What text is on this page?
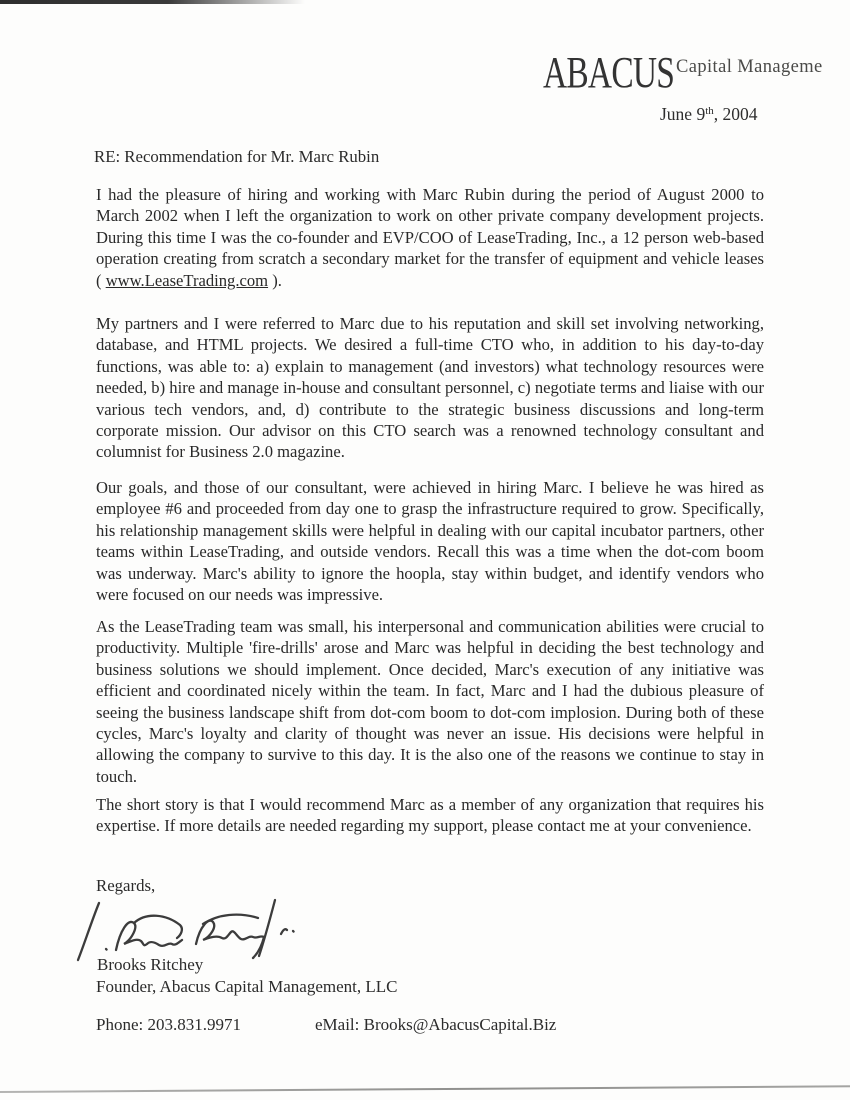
ABACUS Capital Manageme
June 9th, 2004
RE: Recommendation for Mr. Marc Rubin
I had the pleasure of hiring and working with Marc Rubin during the period of August 2000 to March 2002 when I left the organization to work on other private company development projects. During this time I was the co-founder and EVP/COO of LeaseTrading, Inc., a 12 person web-based operation creating from scratch a secondary market for the transfer of equipment and vehicle leases ( www.LeaseTrading.com ).
My partners and I were referred to Marc due to his reputation and skill set involving networking, database, and HTML projects. We desired a full-time CTO who, in addition to his day-to-day functions, was able to: a) explain to management (and investors) what technology resources were needed, b) hire and manage in-house and consultant personnel, c) negotiate terms and liaise with our various tech vendors, and, d) contribute to the strategic business discussions and long-term corporate mission. Our advisor on this CTO search was a renowned technology consultant and columnist for Business 2.0 magazine.
Our goals, and those of our consultant, were achieved in hiring Marc. I believe he was hired as employee #6 and proceeded from day one to grasp the infrastructure required to grow. Specifically, his relationship management skills were helpful in dealing with our capital incubator partners, other teams within LeaseTrading, and outside vendors. Recall this was a time when the dot-com boom was underway. Marc's ability to ignore the hoopla, stay within budget, and identify vendors who were focused on our needs was impressive.
As the LeaseTrading team was small, his interpersonal and communication abilities were crucial to productivity. Multiple 'fire-drills' arose and Marc was helpful in deciding the best technology and business solutions we should implement. Once decided, Marc's execution of any initiative was efficient and coordinated nicely within the team. In fact, Marc and I had the dubious pleasure of seeing the business landscape shift from dot-com boom to dot-com implosion. During both of these cycles, Marc's loyalty and clarity of thought was never an issue. His decisions were helpful in allowing the company to survive to this day. It is the also one of the reasons we continue to stay in touch.
The short story is that I would recommend Marc as a member of any organization that requires his expertise. If more details are needed regarding my support, please contact me at your convenience.
Regards,
Brooks Ritchey
Founder, Abacus Capital Management, LLC
Phone: 203.831.9971	eMail: Brooks@AbacusCapital.Biz
